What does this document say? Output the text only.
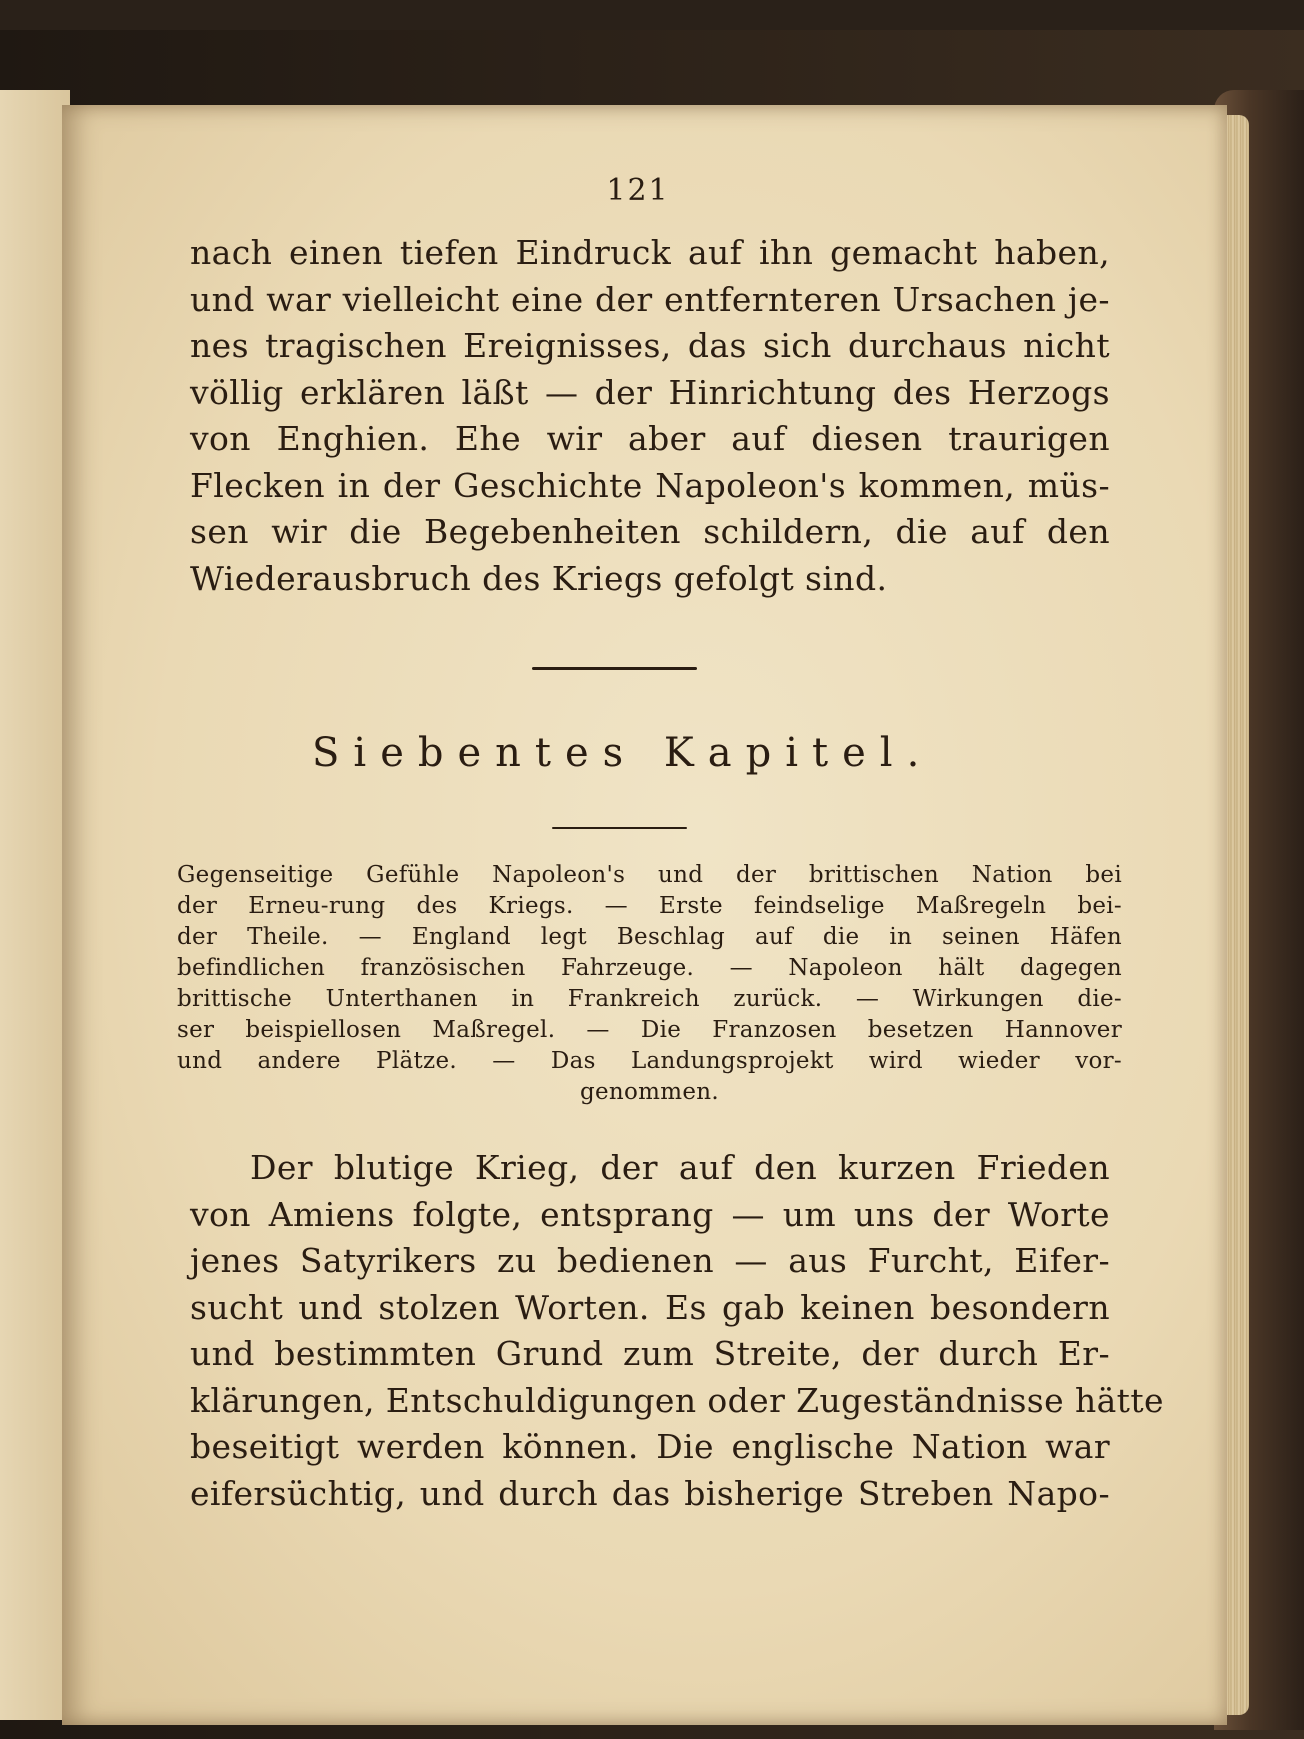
121
nach einen tiefen Eindruck auf ihn gemacht haben,
und war vielleicht eine der entfernteren Ursachen je-
nes tragischen Ereignisses, das sich durchaus nicht
völlig erklären läßt — der Hinrichtung des Herzogs
von Enghien. Ehe wir aber auf diesen traurigen
Flecken in der Geschichte Napoleon's kommen, müs-
sen wir die Begebenheiten schildern, die auf den
Wiederausbruch des Kriegs gefolgt sind.
Siebentes Kapitel.
Gegenseitige Gefühle Napoleon's und der brittischen Nation bei
der Erneu-rung des Kriegs. — Erste feindselige Maßregeln bei-
der Theile. — England legt Beschlag auf die in seinen Häfen
befindlichen französischen Fahrzeuge. — Napoleon hält dagegen
brittische Unterthanen in Frankreich zurück. — Wirkungen die-
ser beispiellosen Maßregel. — Die Franzosen besetzen Hannover
und andere Plätze. — Das Landungsprojekt wird wieder vor-
genommen.
Der blutige Krieg, der auf den kurzen Frieden
von Amiens folgte, entsprang — um uns der Worte
jenes Satyrikers zu bedienen — aus Furcht, Eifer-
sucht und stolzen Worten. Es gab keinen besondern
und bestimmten Grund zum Streite, der durch Er-
klärungen, Entschuldigungen oder Zugeständnisse hätte
beseitigt werden können. Die englische Nation war
eifersüchtig, und durch das bisherige Streben Napo-
